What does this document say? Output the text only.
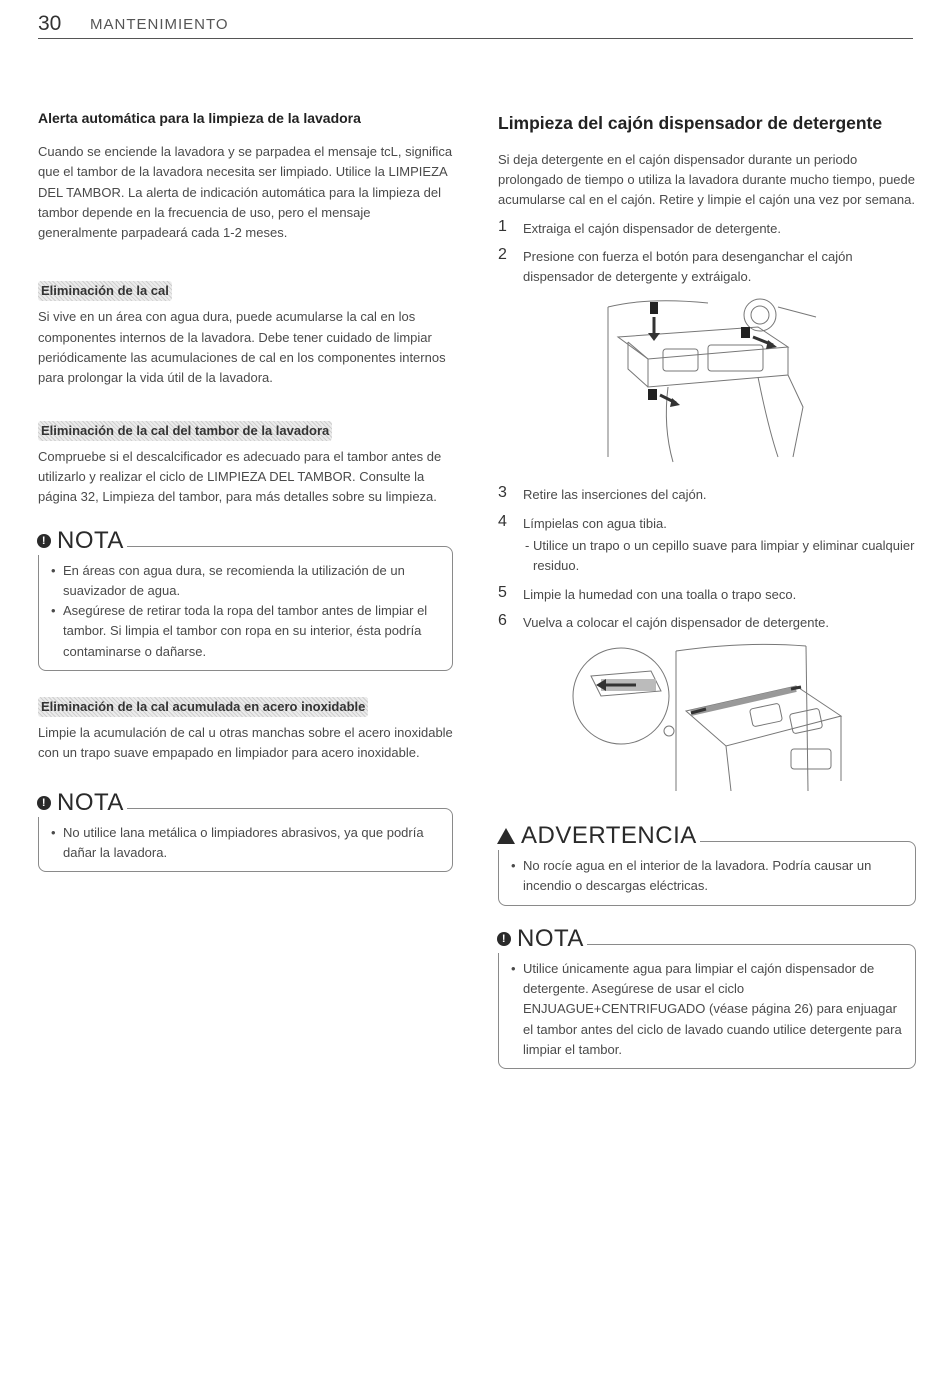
30 MANTENIMIENTO
Alerta automática para la limpieza de la lavadora

Cuando se enciende la lavadora y se parpadea el mensaje tcL, significa que el tambor de la lavadora necesita ser limpiado. Utilice la LIMPIEZA DEL TAMBOR. La alerta de indicación automática para la limpieza del tambor depende en la frecuencia de uso, pero el mensaje generalmente parpadeará cada 1-2 meses.

Eliminación de la cal

Si vive en un área con agua dura, puede acumularse la cal en los componentes internos de la lavadora. Debe tener cuidado de limpiar periódicamente las acumulaciones de cal en los componentes internos para prolongar la vida útil de la lavadora.

Eliminación de la cal del tambor de la lavadora

Compruebe si el descalcificador es adecuado para el tambor antes de utilizarlo y realizar el ciclo de LIMPIEZA DEL TAMBOR. Consulte la página 32, Limpieza del tambor, para más detalles sobre su limpieza.

! NOTA
• En áreas con agua dura, se recomienda la utilización de un suavizador de agua.
• Asegúrese de retirar toda la ropa del tambor antes de limpiar el tambor. Si limpia el tambor con ropa en su interior, ésta podría contaminarse o dañarse.
Eliminación de la cal acumulada en acero inoxidable

Limpie la acumulación de cal u otras manchas sobre el acero inoxidable con un trapo suave empapado en limpiador para acero inoxidable.

! NOTA
• No utilice lana metálica o limpiadores abrasivos, ya que podría dañar la lavadora.
Limpieza del cajón dispensador de detergente

Si deja detergente en el cajón dispensador durante un periodo prolongado de tiempo o utiliza la lavadora durante mucho tiempo, puede acumularse cal en el cajón. Retire y limpie el cajón una vez por semana.

1 Extraiga el cajón dispensador de detergente.
2 Presione con fuerza el botón para desenganchar el cajón dispensador de detergente y extráigalo.
3 Retire las inserciones del cajón.
4 Límpielas con agua tibia.
- Utilice un trapo o un cepillo suave para limpiar y eliminar cualquier residuo.
5 Limpie la humedad con una toalla o trapo seco.
6 Vuelva a colocar el cajón dispensador de detergente.
ADVERTENCIA
• No rocíe agua en el interior de la lavadora. Podría causar un incendio o descargas eléctricas.
! NOTA
• Utilice únicamente agua para limpiar el cajón dispensador de detergente. Asegúrese de usar el ciclo ENJUAGUE+CENTRIFUGADO (véase página 26) para enjuagar el tambor antes del ciclo de lavado cuando utilice detergente para limpiar el tambor.
